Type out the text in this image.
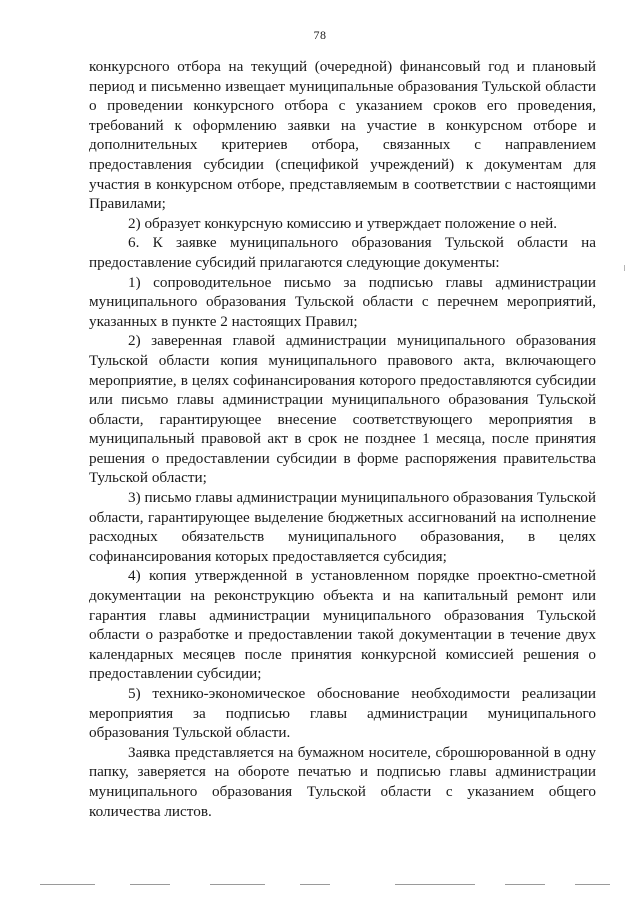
78

конкурсного отбора на текущий (очередной) финансовый год и плановый период и письменно извещает муниципальные образования Тульской области о проведении конкурсного отбора с указанием сроков его проведения, требований к оформлению заявки на участие в конкурсном отборе и дополнительных критериев отбора, связанных с направлением предоставления субсидии (спецификой учреждений) к документам для участия в конкурсном отборе, представляемым в соответствии с настоящими Правилами;

2) образует конкурсную комиссию и утверждает положение о ней.

6. К заявке муниципального образования Тульской области на предоставление субсидий прилагаются следующие документы:

1) сопроводительное письмо за подписью главы администрации муниципального образования Тульской области с перечнем мероприятий, указанных в пункте 2 настоящих Правил;

2) заверенная главой администрации муниципального образования Тульской области копия муниципального правового акта, включающего мероприятие, в целях софинансирования которого предоставляются субсидии или письмо главы администрации муниципального образования Тульской области, гарантирующее внесение соответствующего мероприятия в муниципальный правовой акт в срок не позднее 1 месяца, после принятия решения о предоставлении субсидии в форме распоряжения правительства Тульской области;

3) письмо главы администрации муниципального образования Тульской области, гарантирующее выделение бюджетных ассигнований на исполнение расходных обязательств муниципального образования, в целях софинансирования которых предоставляется субсидия;

4) копия утвержденной в установленном порядке проектно-сметной документации на реконструкцию объекта и на капитальный ремонт или гарантия главы администрации муниципального образования Тульской области о разработке и предоставлении такой документации в течение двух календарных месяцев после принятия конкурсной комиссией решения о предоставлении субсидии;

5) технико-экономическое обоснование необходимости реализации мероприятия за подписью главы администрации муниципального образования Тульской области.

Заявка представляется на бумажном носителе, сброшюрованной в одну папку, заверяется на обороте печатью и подписью главы администрации муниципального образования Тульской области с указанием общего количества листов.
